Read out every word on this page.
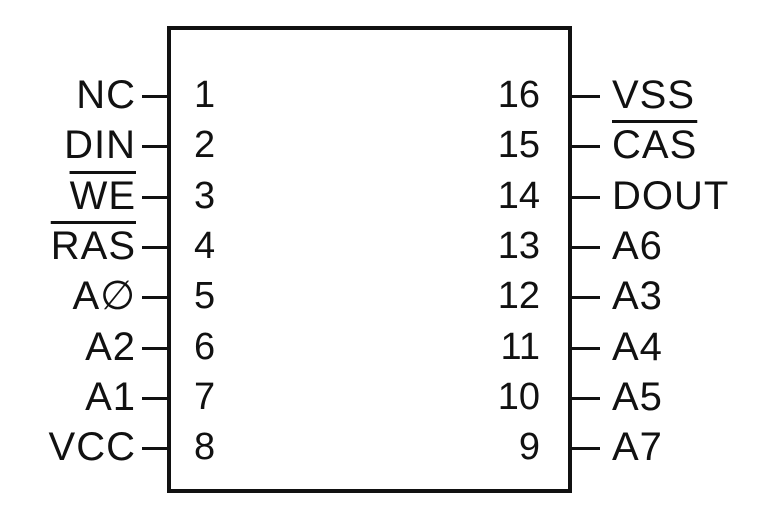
NC 1
DIN 2
$\overline{WE}$ 3
$\overline{RAS}$ 4
A∅ 5
A2 6
A1 7
VCC 8
VSS
16
$\overline{CAS}$
15
DOUT
14
A6
13
A3
12
A4
11
A5
10
A7
9
